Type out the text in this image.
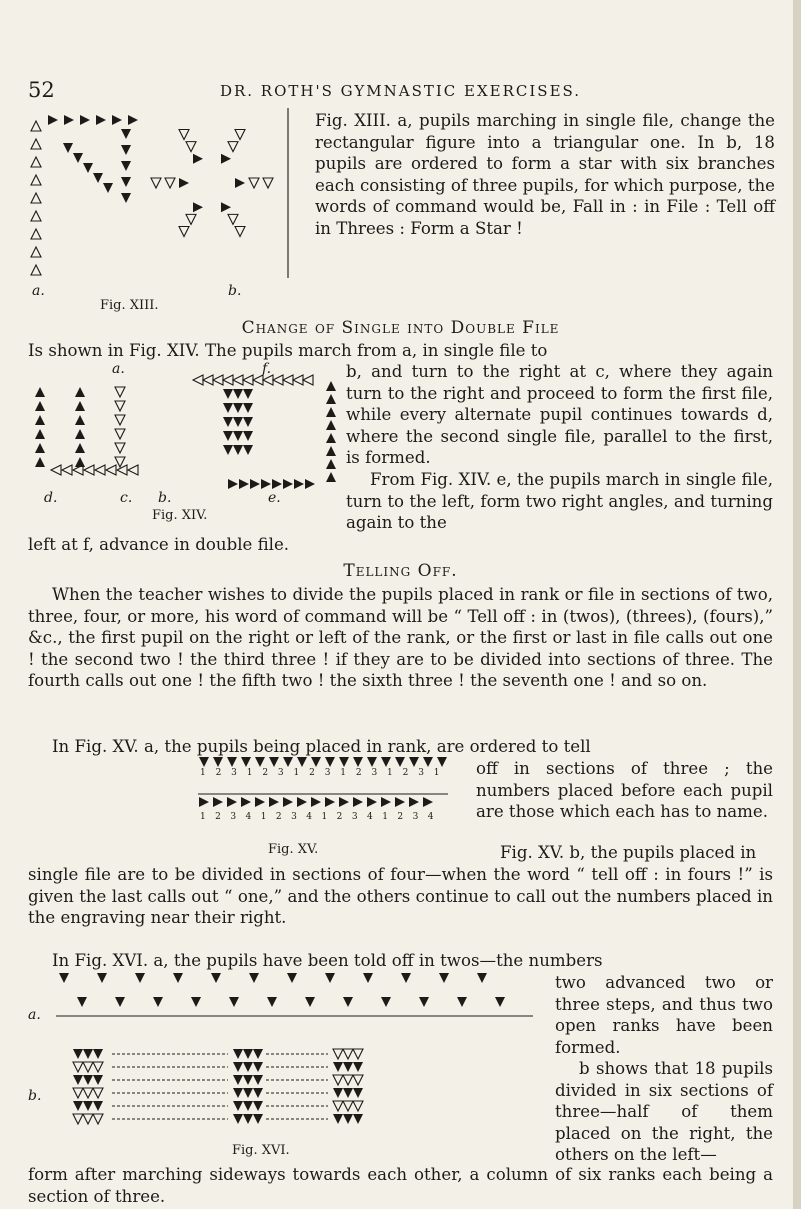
52	DR. ROTH'S GYMNASTIC EXERCISES.
a.	b.
Fig. XIII.
Fig. XIII. a, pupils marching in single file, change the rectangular figure into a triangular one. In b, 18 pupils are ordered to form a star with six branches each consisting of three pupils, for which purpose, the words of command would be, Fall in : in File : Tell off in Threes : Form a Star !
Change of Single into Double File
Is shown in Fig. XIV. The pupils march from a, in single file to
a.	f.
d.	c. b.	e.
Fig. XIV.
b, and turn to the right at c, where they again turn to the right and proceed to form the first file, while every alternate pupil continues towards d, where the second single file, parallel to the first, is formed.
From Fig. XIV. e, the pupils march in single file, turn to the left, form two right angles, and turning again to the
left at f, advance in double file.
Telling Off.
When the teacher wishes to divide the pupils placed in rank or file in sections of two, three, four, or more, his word of command will be “ Tell off : in (twos), (threes), (fours),” &c., the first pupil on the right or left of the rank, or the first or last in file calls out one ! the second two ! the third three ! if they are to be divided into sections of three. The fourth calls out one ! the fifth two ! the sixth three ! the seventh one ! and so on.
In Fig. XV. a, the pupils being placed in rank, are ordered to tell
1 2 3 1 2 3 1 2 3 1 2 3 1 2 3 1
1 2 3 4 1 2 3 4 1 2 3 4 1 2 3 4
Fig. XV.
off in sections of three ; the numbers placed before each pupil are those which each has to name.
Fig. XV. b, the pupils placed in
single file are to be divided in sections of four—when the word “ tell off : in fours !” is given the last calls out “ one,” and the others continue to call out the numbers placed in the engraving near their right.
In Fig. XVI. a, the pupils have been told off in twos—the numbers
a.
b.
Fig. XVI.
two advanced two or three steps, and thus two open ranks have been formed.
b shows that 18 pupils divided in six sections of three—half of them placed on the right, the others on the left—
form after marching sideways towards each other, a column of six ranks each being a section of three.
